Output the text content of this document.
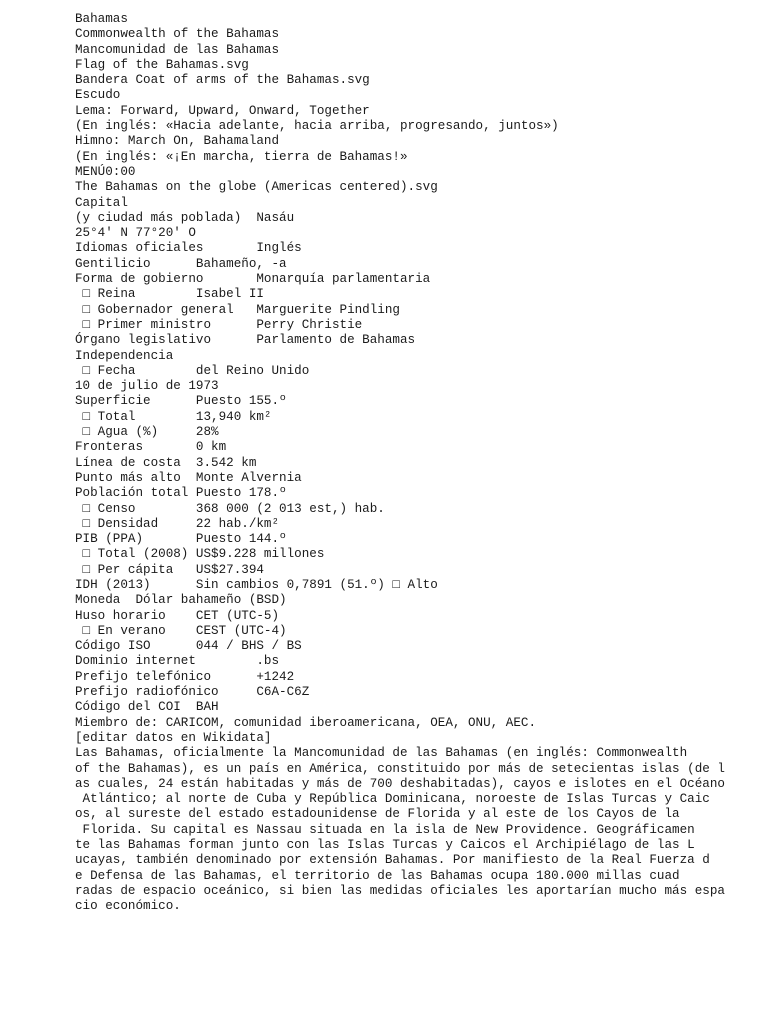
Bahamas
Commonwealth of the Bahamas
Mancomunidad de las Bahamas
Flag of the Bahamas.svg
Bandera Coat of arms of the Bahamas.svg
Escudo
Lema: Forward, Upward, Onward, Together
(En inglés: «Hacia adelante, hacia arriba, progresando, juntos»)
Himno: March On, Bahamaland
(En inglés: «¡En marcha, tierra de Bahamas!»
MENÚ0:00
The Bahamas on the globe (Americas centered).svg
Capital
(y ciudad más poblada)  Nasáu
25°4' N 77°20' O
Idiomas oficiales       Inglés
Gentilicio      Bahameño, -a
Forma de gobierno       Monarquía parlamentaria
□ Reina        Isabel II
□ Gobernador general   Marguerite Pindling
□ Primer ministro      Perry Christie
Órgano legislativo      Parlamento de Bahamas
Independencia
□ Fecha        del Reino Unido
10 de julio de 1973
Superficie      Puesto 155.º
□ Total        13,940 km²
□ Agua (%)     28%
Fronteras       0 km
Línea de costa  3.542 km
Punto más alto  Monte Alvernia
Población total Puesto 178.º
□ Censo        368 000 (2 013 est,) hab.
□ Densidad     22 hab./km²
PIB (PPA)       Puesto 144.º
□ Total (2008) US$9.228 millones
□ Per cápita   US$27.394
IDH (2013)      Sin cambios 0,7891 (51.º) □ Alto
Moneda  Dólar bahameño (BSD)
Huso horario    CET (UTC-5)
□ En verano    CEST (UTC-4)
Código ISO      044 / BHS / BS
Dominio internet        .bs
Prefijo telefónico      +1242
Prefijo radiofónico     C6A-C6Z
Código del COI  BAH
Miembro de: CARICOM, comunidad iberoamericana, OEA, ONU, AEC.
[editar datos en Wikidata]
Las Bahamas, oficialmente la Mancomunidad de las Bahamas (en inglés: Commonwealth
of the Bahamas), es un país en América, constituido por más de setecientas islas (de l
as cuales, 24 están habitadas y más de 700 deshabitadas), cayos e islotes en el Océano
Atlántico; al norte de Cuba y República Dominicana, noroeste de Islas Turcas y Caic
os, al sureste del estado estadounidense de Florida y al este de los Cayos de la
Florida. Su capital es Nassau situada en la isla de New Providence. Geográficamen
te las Bahamas forman junto con las Islas Turcas y Caicos el Archipiélago de las L
ucayas, también denominado por extensión Bahamas. Por manifiesto de la Real Fuerza d
e Defensa de las Bahamas, el territorio de las Bahamas ocupa 180.000 millas cuad
radas de espacio oceánico, si bien las medidas oficiales les aportarían mucho más espa
cio económico.
